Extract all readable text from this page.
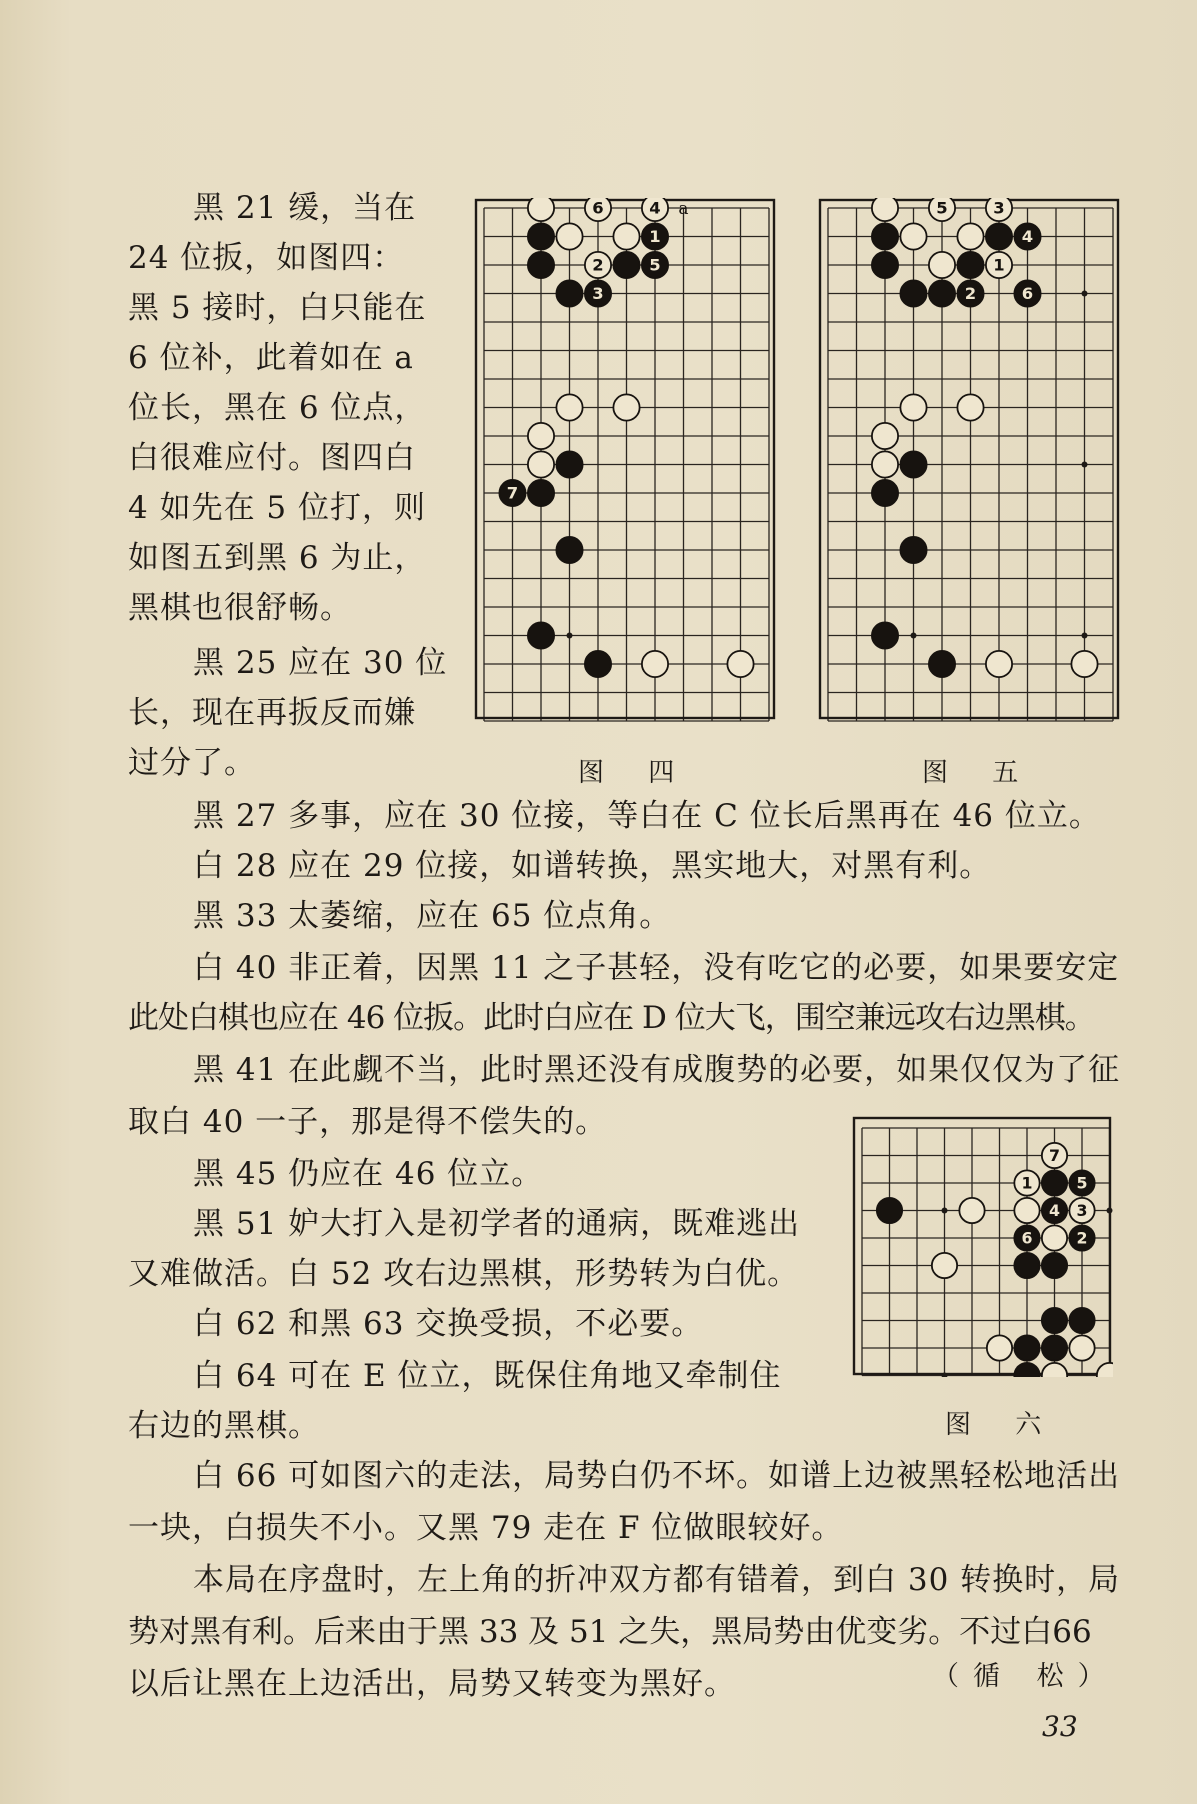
黑 21 缓，当在
24 位扳，如图四：
黑 5 接时，白只能在
6 位补，此着如在 a
位长，黑在 6 位点，
白很难应付。图四白
4 如先在 5 位打，则
如图五到黑 6 为止，
黑棋也很舒畅。
黑 25 应在 30 位
长，现在再扳反而嫌
过分了。
6	4
1
2	5
3
7
a	5	3
4
1
2	6
图 四	图 五
黑 27 多事，应在 30 位接，等白在 C 位长后黑再在 46 位立。
白 28 应在 29 位接，如谱转换，黑实地大，对黑有利。
黑 33 太萎缩，应在 65 位点角。
白 40 非正着，因黑 11 之子甚轻，没有吃它的必要，如果要安定
此处白棋也应在 46 位扳。此时白应在 D 位大飞，围空兼远攻右边黑棋。
黑 41 在此觑不当，此时黑还没有成腹势的必要，如果仅仅为了征
取白 40 一子，那是得不偿失的。
黑 45 仍应在 46 位立。
黑 51 妒大打入是初学者的通病，既难逃出
又难做活。白 52 攻右边黑棋，形势转为白优。
白 62 和黑 63 交换受损，不必要。
白 64 可在 E 位立，既保住角地又牵制住
右边的黑棋。
7
1	5
4 3
6	2
图 六
白 66 可如图六的走法，局势白仍不坏。如谱上边被黑轻松地活出
一块，白损失不小。又黑 79 走在 F 位做眼较好。
本局在序盘时，左上角的折冲双方都有错着，到白 30 转换时，局
势对黑有利。后来由于黑 33 及 51 之失，黑局势由优变劣。不过白66
以后让黑在上边活出，局势又转变为黑好。	（循 松）
33
